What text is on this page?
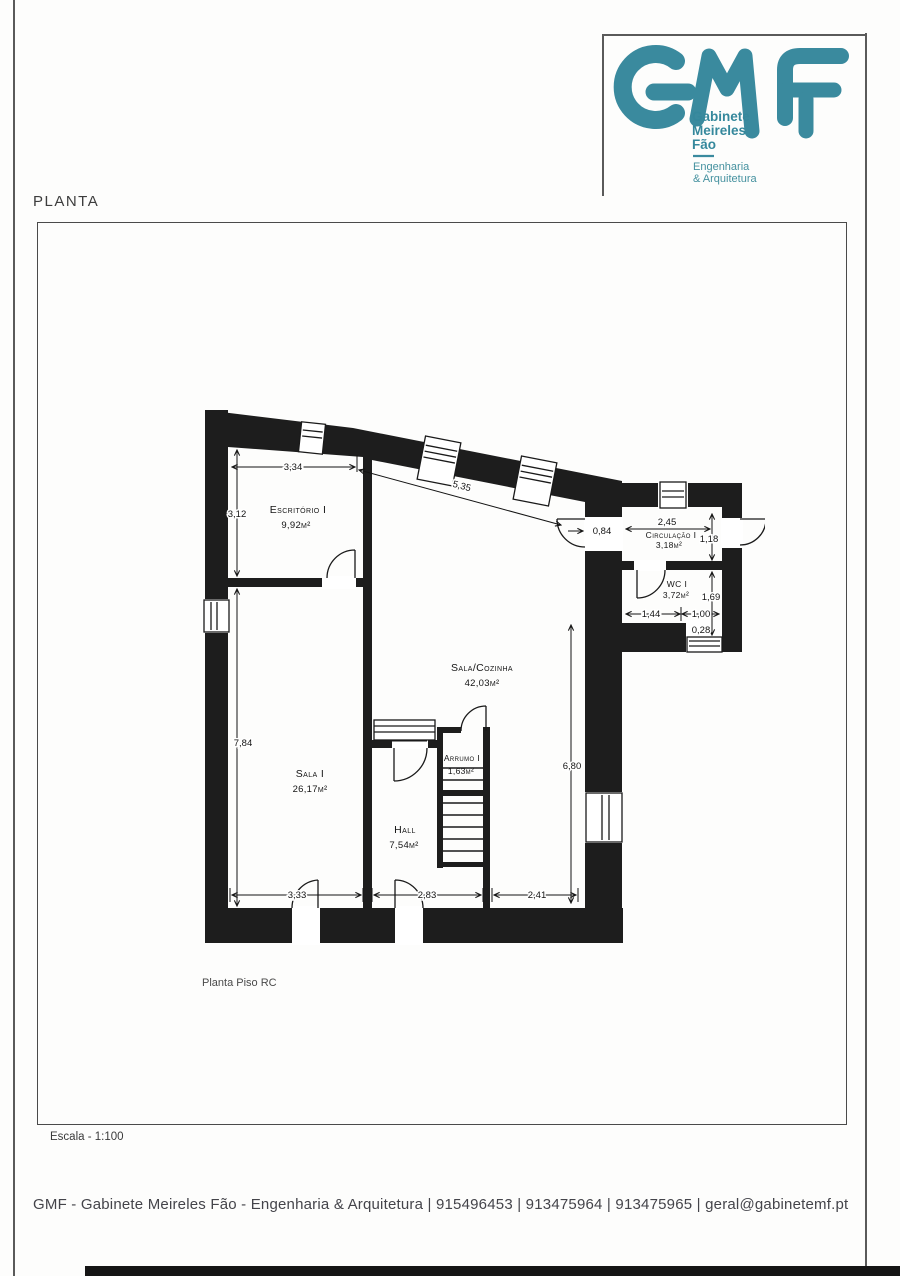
Gabinete
Meireles
Fão
Engenharia
& Arquitetura
PLANTA
3,34
3,12
5,35
0,84
2,45
1,18
7,84
6,80
1,44	1,00
0,28
1,69
3,33	2,83	2,41
Escritório I
9,92m²
Sala I
26,17m²
Sala/Cozinha
42,03m²
Hall
7,54m²
Arrumo I
1,63m²
WC I
3,72m²
Circulação I
3,18m²
Planta Piso RC
Escala - 1:100
GMF - Gabinete Meireles Fão - Engenharia & Arquitetura | 915496453 | 913475964 | 913475965 | geral@gabinetemf.pt
